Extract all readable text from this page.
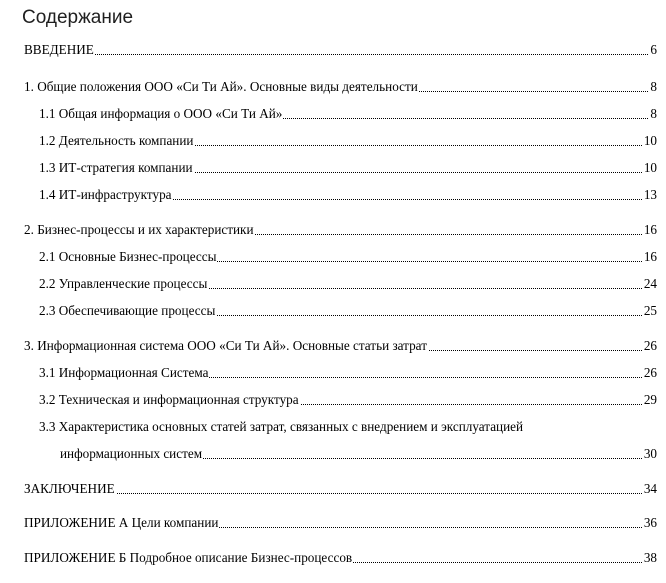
Содержание
ВВЕДЕНИЕ	6
1. Общие положения ООО «Си Ти Ай». Основные виды деятельности	8
1.1 Общая информация о ООО «Си Ти Ай»	8
1.2 Деятельность компании	10
1.3 ИТ-стратегия компании	10
1.4 ИТ-инфраструктура	13
2. Бизнес-процессы и их характеристики	16
2.1 Основные Бизнес-процессы	16
2.2 Управленческие процессы	24
2.3 Обеспечивающие процессы	25
3. Информационная система ООО «Си Ти Ай». Основные статьи затрат	26
3.1 Информационная Система	26
3.2 Техническая и информационная структура	29
3.3 Характеристика основных статей затрат, связанных с внедрением и эксплуатацией
информационных систем	30
ЗАКЛЮЧЕНИЕ	34
ПРИЛОЖЕНИЕ А Цели компании	36
ПРИЛОЖЕНИЕ Б Подробное описание Бизнес-процессов	38
